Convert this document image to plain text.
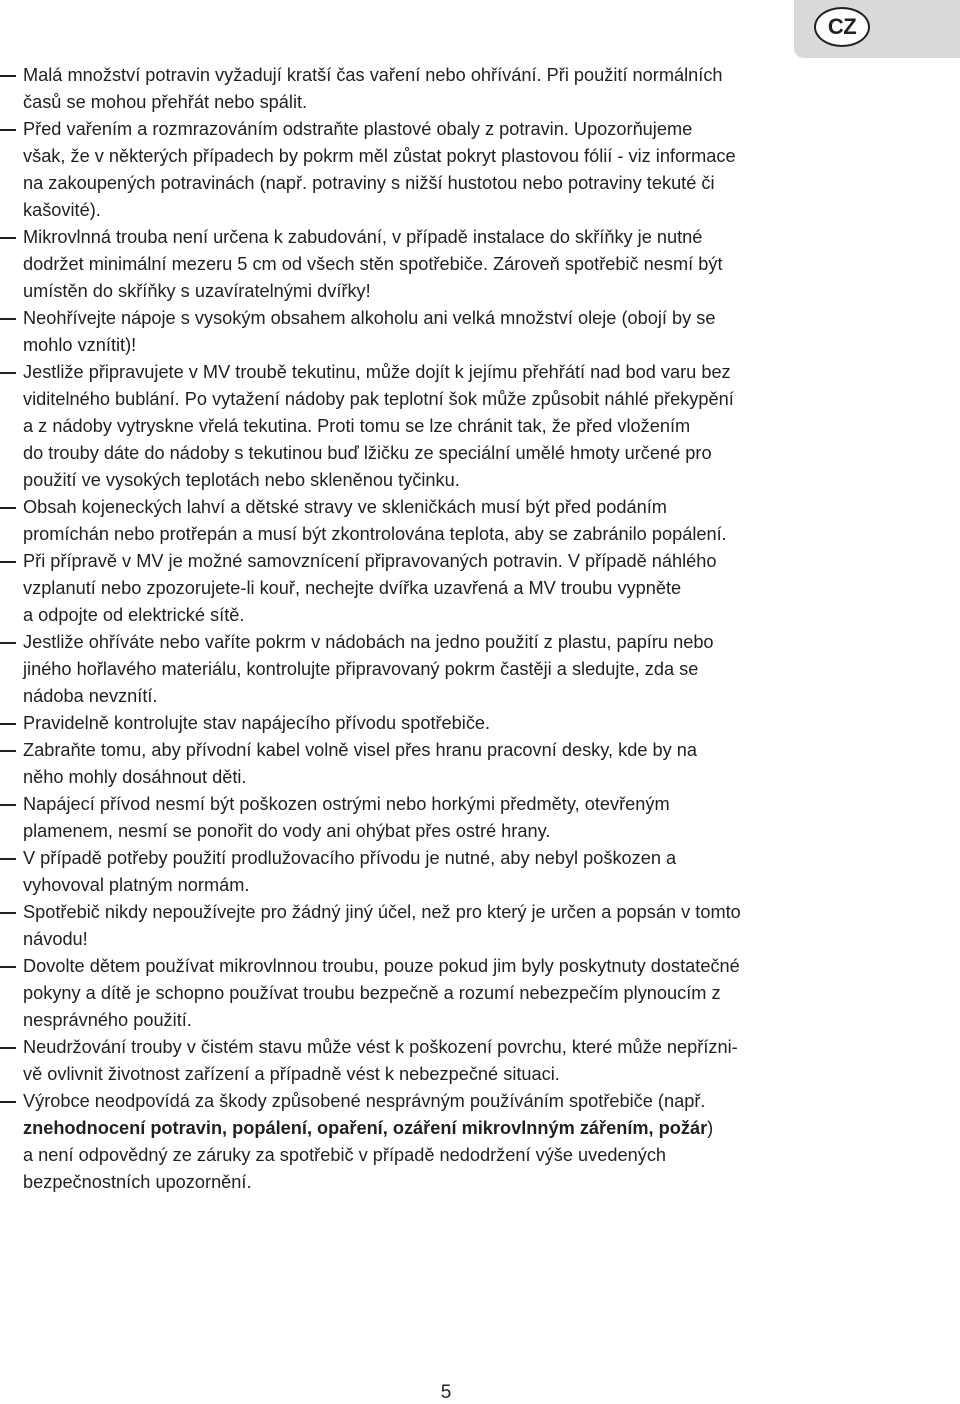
CZ

Malá množství potravin vyžadují kratší čas vaření nebo ohřívání. Při použití normálních

časů se mohou přehřát nebo spálit.

Před vařením a rozmrazováním odstraňte plastové obaly z potravin. Upozorňujeme

však, že v některých případech by pokrm měl zůstat pokryt plastovou fólií - viz informace

na zakoupených potravinách (např. potraviny s nižší hustotou nebo potraviny tekuté či

kašovité).

Mikrovlnná trouba není určena k zabudování, v případě instalace do skříňky je nutné

dodržet minimální mezeru 5 cm od všech stěn spotřebiče. Zároveň spotřebič nesmí být

umístěn do skříňky s uzavíratelnými dvířky!

Neohřívejte nápoje s vysokým obsahem alkoholu ani velká množství oleje (obojí by se

mohlo vznítit)!

Jestliže připravujete v MV troubě tekutinu, může dojít k jejímu přehřátí nad bod varu bez

viditelného bublání. Po vytažení nádoby pak teplotní šok může způsobit náhlé překypění

a z nádoby vytryskne vřelá tekutina. Proti tomu se lze chránit tak, že před vložením

do trouby dáte do nádoby s tekutinou buď lžičku ze speciální umělé hmoty určené pro

použití ve vysokých teplotách nebo skleněnou tyčinku.

Obsah kojeneckých lahví a dětské stravy ve skleničkách musí být před podáním

promíchán nebo protřepán a musí být zkontrolována teplota, aby se zabránilo popálení.

Při přípravě v MV je možné samovznícení připravovaných potravin. V případě náhlého

vzplanutí nebo zpozorujete-li kouř, nechejte dvířka uzavřená a MV troubu vypněte

a odpojte od elektrické sítě.

Jestliže ohříváte nebo vaříte pokrm v nádobách na jedno použití z plastu, papíru nebo

jiného hořlavého materiálu, kontrolujte připravovaný pokrm častěji a sledujte, zda se

nádoba nevznítí.

Pravidelně kontrolujte stav napájecího přívodu spotřebiče.

Zabraňte tomu, aby přívodní kabel volně visel přes hranu pracovní desky, kde by na

něho mohly dosáhnout děti.

Napájecí přívod nesmí být poškozen ostrými nebo horkými předměty, otevřeným

plamenem, nesmí se ponořit do vody ani ohýbat přes ostré hrany.

V případě potřeby použití prodlužovacího přívodu je nutné, aby nebyl poškozen a

vyhovoval platným normám.

Spotřebič nikdy nepoužívejte pro žádný jiný účel, než pro který je určen a popsán v tomto

návodu!

Dovolte dětem používat mikrovlnnou troubu, pouze pokud jim byly poskytnuty dostatečné

pokyny a dítě je schopno používat troubu bezpečně a rozumí nebezpečím plynoucím z

nesprávného použití.

Neudržování trouby v čistém stavu může vést k poškození povrchu, které může nepřízni-

vě ovlivnit životnost zařízení a případně vést k nebezpečné situaci.

Výrobce neodpovídá za škody způsobené nesprávným používáním spotřebiče (např.

znehodnocení potravin, popálení, opaření, ozáření mikrovlnným zářením, požár)

a není odpovědný ze záruky za spotřebič v případě nedodržení výše uvedených

bezpečnostních upozornění.

5
